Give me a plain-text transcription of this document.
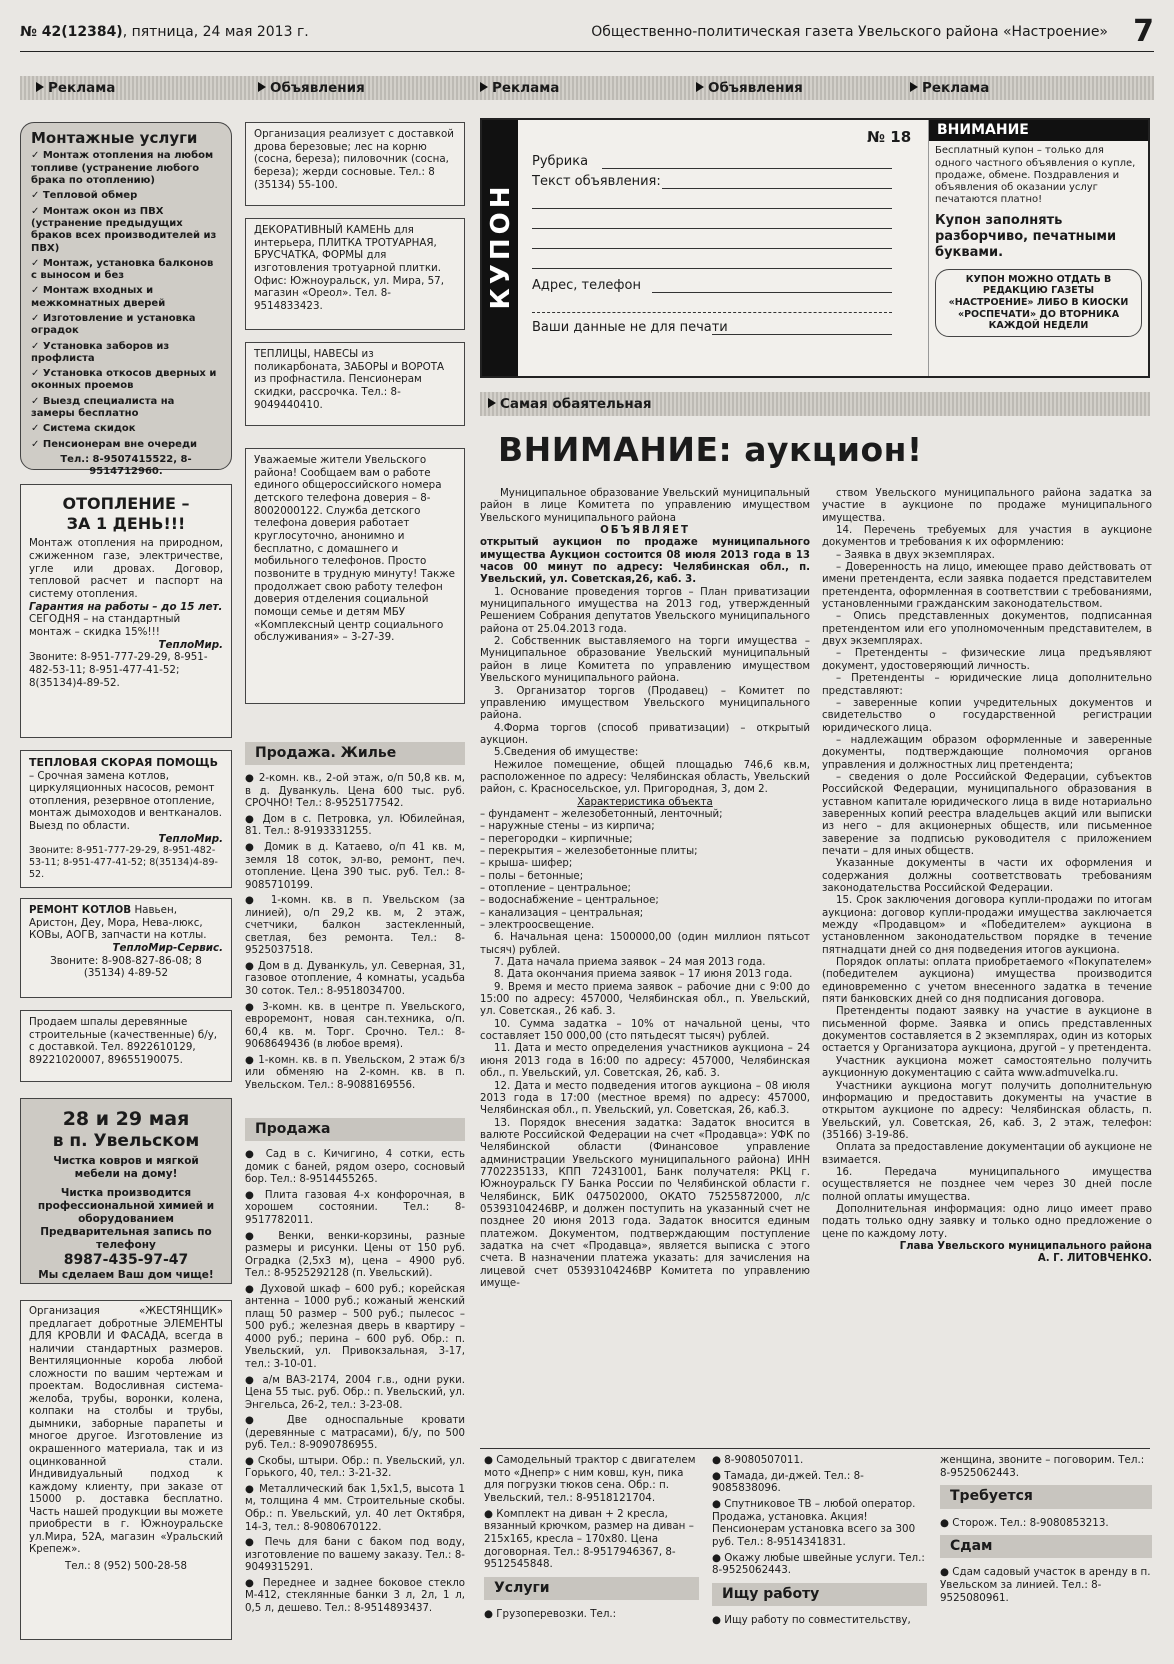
№ 42(12384), пятница, 24 мая 2013 г.	Общественно-политическая газета Увельского района «Настроение» 7
Реклама	Объявления	Реклама	Объявления	Реклама
Монтажные услуги

✓ Монтаж отопления на любом топливе (устранение любого брака по отоплению)

✓ Тепловой обмер

✓ Монтаж окон из ПВХ (устранение предыдущих браков всех производителей из ПВХ)

✓ Монтаж, установка балконов с выносом и без

✓ Монтаж входных и межкомнатных дверей

✓ Изготовление и установка оградок

✓ Установка заборов из профлиста

✓ Установка откосов дверных и оконных проемов

✓ Выезд специалиста на замеры бесплатно

✓ Система скидок

✓ Пенсионерам вне очереди

Тел.: 8-9507415522, 8-9514712960.
ОТОПЛЕНИЕ – ЗА 1 ДЕНЬ!!!

Монтаж отопления на природном, сжиженном газе, электричестве, угле или дровах. Договор, тепловой расчет и паспорт на систему отопления.

Гарантия на работы – до 15 лет.

СЕГОДНЯ – на стандартный монтаж – скидка 15%!!!

ТеплоМир.

Звоните: 8-951-777-29-29, 8-951-482-53-11; 8-951-477-41-52; 8(35134)4-89-52.

ТЕПЛОВАЯ СКОРАЯ ПОМОЩЬ

– Срочная замена котлов, циркуляционных насосов, ремонт отопления, резервное отопление, монтаж дымоходов и вентканалов. Выезд по области.

ТеплоМир.

Звоните: 8-951-777-29-29, 8-951-482-53-11; 8-951-477-41-52; 8(35134)4-89-52.

РЕМОНТ КОТЛОВ Навьен, Аристон, Деу, Мора, Нева-люкс, КОВы, АОГВ, запчасти на котлы.

ТеплоМир-Сервис.

Звоните: 8-908-827-86-08; 8 (35134) 4-89-52

Продаем шпалы деревянные строительные (качественные) б/у, с доставкой. Тел. 8922610129, 89221020007, 89655190075.

28 и 29 мая
в п. Увельском

Чистка ковров и мягкой мебели на дому!

Чистка производится профессиональной химией и оборудованием

Предварительная запись по телефону

8987-435-97-47

Мы сделаем Ваш дом чище!

Организация «ЖЕСТЯНЩИК» предлагает добротные ЭЛЕМЕНТЫ ДЛЯ КРОВЛИ И ФАСАДА, всегда в наличии стандартных размеров. Вентиляционные короба любой сложности по вашим чертежам и проектам. Водосливная система-желоба, трубы, воронки, колена, колпаки на столбы и трубы, дымники, заборные парапеты и многое другое. Изготовление из окрашенного материала, так и из оцинкованной стали. Индивидуальный подход к каждому клиенту, при заказе от 15000 р. доставка бесплатно. Часть нашей продукции вы можете приобрести в г. Южноуральске ул.Мира, 52А, магазин «Уральский Крепеж».

Тел.: 8 (952) 500-28-58

Организация реализует с доставкой дрова березовые; лес на корню (сосна, береза); пиловочник (сосна, береза); жерди сосновые. Тел.: 8 (35134) 55-100.

ДЕКОРАТИВНЫЙ КАМЕНЬ для интерьера, ПЛИТКА ТРОТУАРНАЯ, БРУСЧАТКА, ФОРМЫ для изготовления тротуарной плитки. Офис: Южноуральск, ул. Мира, 57, магазин «Ореол». Тел. 8-9514833423.

ТЕПЛИЦЫ, НАВЕСЫ из поликарбоната, ЗАБОРЫ и ВОРОТА из профнастила. Пенсионерам скидки, рассрочка. Тел.: 8-9049440410.

Уважаемые жители Увельского района! Сообщаем вам о работе единого общероссийского номера детского телефона доверия – 8-8002000122. Служба детского телефона доверия работает круглосуточно, анонимно и бесплатно, с домашнего и мобильного телефонов. Просто позвоните в трудную минуту! Также продолжает свою работу телефон доверия отделения социальной помощи семье и детям МБУ «Комплексный центр социального обслуживания» – 3-27-39.

Продажа. Жилье

● 2-комн. кв., 2-ой этаж, о/п 50,8 кв. м, в д. Дуванкуль. Цена 600 тыс. руб. СРОЧНО! Тел.: 8-9525177542.

● Дом в с. Петровка, ул. Юбилейная, 81. Тел.: 8-9193331255.

● Домик в д. Катаево, о/п 41 кв. м, земля 18 соток, эл-во, ремонт, печ. отопление. Цена 390 тыс. руб. Тел.: 8-9085710199.

● 1-комн. кв. в п. Увельском (за линией), о/п 29,2 кв. м, 2 этаж, счетчики, балкон застекленный, светлая, без ремонта. Тел.: 8-9525037518.

● Дом в д. Дуванкуль, ул. Северная, 31, газовое отопление, 4 комнаты, усадьба 30 соток. Тел.: 8-9518034700.

● 3-комн. кв. в центре п. Увельского, евроремонт, новая сан.техника, о/п. 60,4 кв. м. Торг. Срочно. Тел.: 8-9068649436 (в любое время).

● 1-комн. кв. в п. Увельском, 2 этаж б/з или обменяю на 2-комн. кв. в п. Увельском. Тел.: 8-9088169556.

Продажа

● Сад в с. Кичигино, 4 сотки, есть домик с баней, рядом озеро, сосновый бор. Тел.: 8-9514455265.

● Плита газовая 4-х конфорочная, в хорошем состоянии. Тел.: 8-9517782011.

● Венки, венки-корзины, разные размеры и рисунки. Цены от 150 руб. Оградка (2,5х3 м), цена – 4900 руб. Тел.: 8-9525292128 (п. Увельский).

● Духовой шкаф – 600 руб.; корейская антенна – 1000 руб.; кожаный женский плащ 50 размер – 500 руб.; пылесос – 500 руб.; железная дверь в квартиру – 4000 руб.; перина – 600 руб. Обр.: п. Увельский, ул. Привокзальная, 3-17, тел.: 3-10-01.

● а/м ВАЗ-2174, 2004 г.в., одни руки. Цена 55 тыс. руб. Обр.: п. Увельский, ул. Энгельса, 26-2, тел.: 3-23-08.

● Две односпальные кровати (деревянные с матрасами), б/у, по 500 руб. Тел.: 8-9090786955.

● Скобы, штыри. Обр.: п. Увельский, ул. Горького, 40, тел.: 3-21-32.

● Металлический бак 1,5х1,5, высота 1 м, толщина 4 мм. Строительные скобы. Обр.: п. Увельский, ул. 40 лет Октября, 14-3, тел.: 8-9080670122.

● Печь для бани с баком под воду, изготовление по вашему заказу. Тел.: 8-9049315291.

● Переднее и заднее боковое стекло М-412, стеклянные банки 3 л, 2л, 1 л, 0,5 л, дешево. Тел.: 8-9514893437.

КУПОН
№ 18
Рубрика
Текст объявления:
Адрес, телефон
Ваши данные не для печати
ВНИМАНИЕ

Бесплатный купон – только для одного частного объявления о купле, продаже, обмене. Поздравления и объявления об оказании услуг печатаются платно!

Купон заполнять разборчиво, печатными буквами.

КУПОН МОЖНО ОТДАТЬ В РЕДАКЦИЮ ГАЗЕТЫ «НАСТРОЕНИЕ» ЛИБО В КИОСКИ «РОСПЕЧАТИ» ДО ВТОРНИКА КАЖДОЙ НЕДЕЛИ

Самая обаятельная
ВНИМАНИЕ: аукцион!

Муниципальное образование Увельский муниципальный район в лице Комитета по управлению имуществом Увельского муниципального района

ОБЪЯВЛЯЕТ

открытый аукцион по продаже муниципального имущества Аукцион состоится 08 июля 2013 года в 13 часов 00 минут по адресу: Челябинская обл., п. Увельский, ул. Советская,26, каб. 3.

1. Основание проведения торгов – План приватизации муниципального имущества на 2013 год, утвержденный Решением Собрания депутатов Увельского муниципального района от 25.04.2013 года.

2. Собственник выставляемого на торги имущества – Муниципальное образование Увельский муниципальный район в лице Комитета по управлению имуществом Увельского муниципального района.

3. Организатор торгов (Продавец) – Комитет по управлению имуществом Увельского муниципального района.

4.Форма торгов (способ приватизации) – открытый аукцион.

5.Сведения об имуществе:

Нежилое помещение, общей площадью 746,6 кв.м, расположенное по адресу: Челябинская область, Увельский район, с. Красносельское, ул. Пригородная, 3, дом 2.

Характеристика объекта

– фундамент – железобетонный, ленточный;

– наружные стены – из кирпича;

– перегородки – кирпичные;

– перекрытия – железобетонные плиты;

– крыша- шифер;

– полы – бетонные;

– отопление – центральное;

– водоснабжение – центральное;

– канализация – центральная;

– электроосвещение.

6. Начальная цена: 1500000,00 (один миллион пятьсот тысяч) рублей.

7. Дата начала приема заявок – 24 мая 2013 года.

8. Дата окончания приема заявок – 17 июня 2013 года.

9. Время и место приема заявок – рабочие дни с 9:00 до 15:00 по адресу: 457000, Челябинская обл., п. Увельский, ул. Советская., 26 каб. 3.

10. Сумма задатка – 10% от начальной цены, что составляет 150 000,00 (сто пятьдесят тысяч) рублей.

11. Дата и место определения участников аукциона – 24 июня 2013 года в 16:00 по адресу: 457000, Челябинская обл., п. Увельский, ул. Советская, 26, каб. 3.

12. Дата и место подведения итогов аукциона – 08 июля 2013 года в 17:00 (местное время) по адресу: 457000, Челябинская обл., п. Увельский, ул. Советская, 26, каб.3.

13. Порядок внесения задатка: Задаток вносится в валюте Российской Федерации на счет «Продавца»: УФК по Челябинской области (Финансовое управление администрации Увельского муниципального района) ИНН 7702235133, КПП 72431001, Банк получателя: РКЦ г. Южноуральск ГУ Банка России по Челябинской области г. Челябинск, БИК 047502000, ОКАТО 75255872000, л/с 05393104246ВР, и должен поступить на указанный счет не позднее 20 июня 2013 года. Задаток вносится единым платежом. Документом, подтверждающим поступление задатка на счет «Продавца», является выписка с этого счета. В назначении платежа указать: для зачисления на лицевой счет 05393104246ВР Комитета по управлению имуще-

ством Увельского муниципального района задатка за участие в аукционе по продаже муниципального имущества.

14. Перечень требуемых для участия в аукционе документов и требования к их оформлению:

– Заявка в двух экземплярах.

– Доверенность на лицо, имеющее право действовать от имени претендента, если заявка подается представителем претендента, оформленная в соответствии с требованиями, установленными гражданским законодательством.

– Опись представленных документов, подписанная претендентом или его уполномоченным представителем, в двух экземплярах.

– Претенденты – физические лица предъявляют документ, удостоверяющий личность.

– Претенденты – юридические лица дополнительно представляют:

– заверенные копии учредительных документов и свидетельство о государственной регистрации юридического лица.

– надлежащим образом оформленные и заверенные документы, подтверждающие полномочия органов управления и должностных лиц претендента;

– сведения о доле Российской Федерации, субъектов Российской Федерации, муниципального образования в уставном капитале юридического лица в виде нотариально заверенных копий реестра владельцев акций или выписки из него – для акционерных обществ, или письменное заверение за подписью руководителя с приложением печати – для иных обществ.

Указанные документы в части их оформления и содержания должны соответствовать требованиям законодательства Российской Федерации.

15. Срок заключения договора купли-продажи по итогам аукциона: договор купли-продажи имущества заключается между «Продавцом» и «Победителем» аукциона в установленном законодательством порядке в течение пятнадцати дней со дня подведения итогов аукциона.

Порядок оплаты: оплата приобретаемого «Покупателем» (победителем аукциона) имущества производится единовременно с учетом внесенного задатка в течение пяти банковских дней со дня подписания договора.

Претенденты подают заявку на участие в аукционе в письменной форме. Заявка и опись представленных документов составляется в 2 экземплярах, один из которых остается у Организатора аукциона, другой – у претендента.

Участник аукциона может самостоятельно получить аукционную документацию с сайта www.admuvelka.ru.

Участники аукциона могут получить дополнительную информацию и предоставить документы на участие в открытом аукционе по адресу: Челябинская область, п. Увельский, ул. Советская, 26, каб. 3, 2 этаж, телефон: (35166) 3-19-86.

Оплата за предоставление документации об аукционе не взимается.

16. Передача муниципального имущества осуществляется не позднее чем через 30 дней после полной оплаты имущества.

Дополнительная информация: одно лицо имеет право подать только одну заявку и только одно предложение о цене по каждому лоту.

Глава Увельского муниципального района

А. Г. ЛИТОВЧЕНКО.

● Самодельный трактор с двигателем мото «Днепр» с ним ковш, кун, пика для погрузки тюков сена. Обр.: п. Увельский, тел.: 8-9518121704.

● Комплект на диван + 2 кресла, вязанный крючком, размер на диван – 215х165, кресла – 170х80. Цена договорная. Тел.: 8-9517946367, 8-9512545848.

Услуги

● Грузоперевозки. Тел.:

● 8-9080507011.

● Тамада, ди-джей. Тел.: 8-9085838096.

● Спутниковое ТВ – любой оператор. Продажа, установка. Акция! Пенсионерам установка всего за 300 руб. Тел.: 8-9514341831.

● Окажу любые швейные услуги. Тел.: 8-9525062443.

Ищу работу

● Ищу работу по совместительству,

женщина, звоните – поговорим. Тел.: 8-9525062443.

Требуется

● Сторож. Тел.: 8-9080853213.

Сдам

● Сдам садовый участок в аренду в п. Увельском за линией. Тел.: 8-9525080961.
